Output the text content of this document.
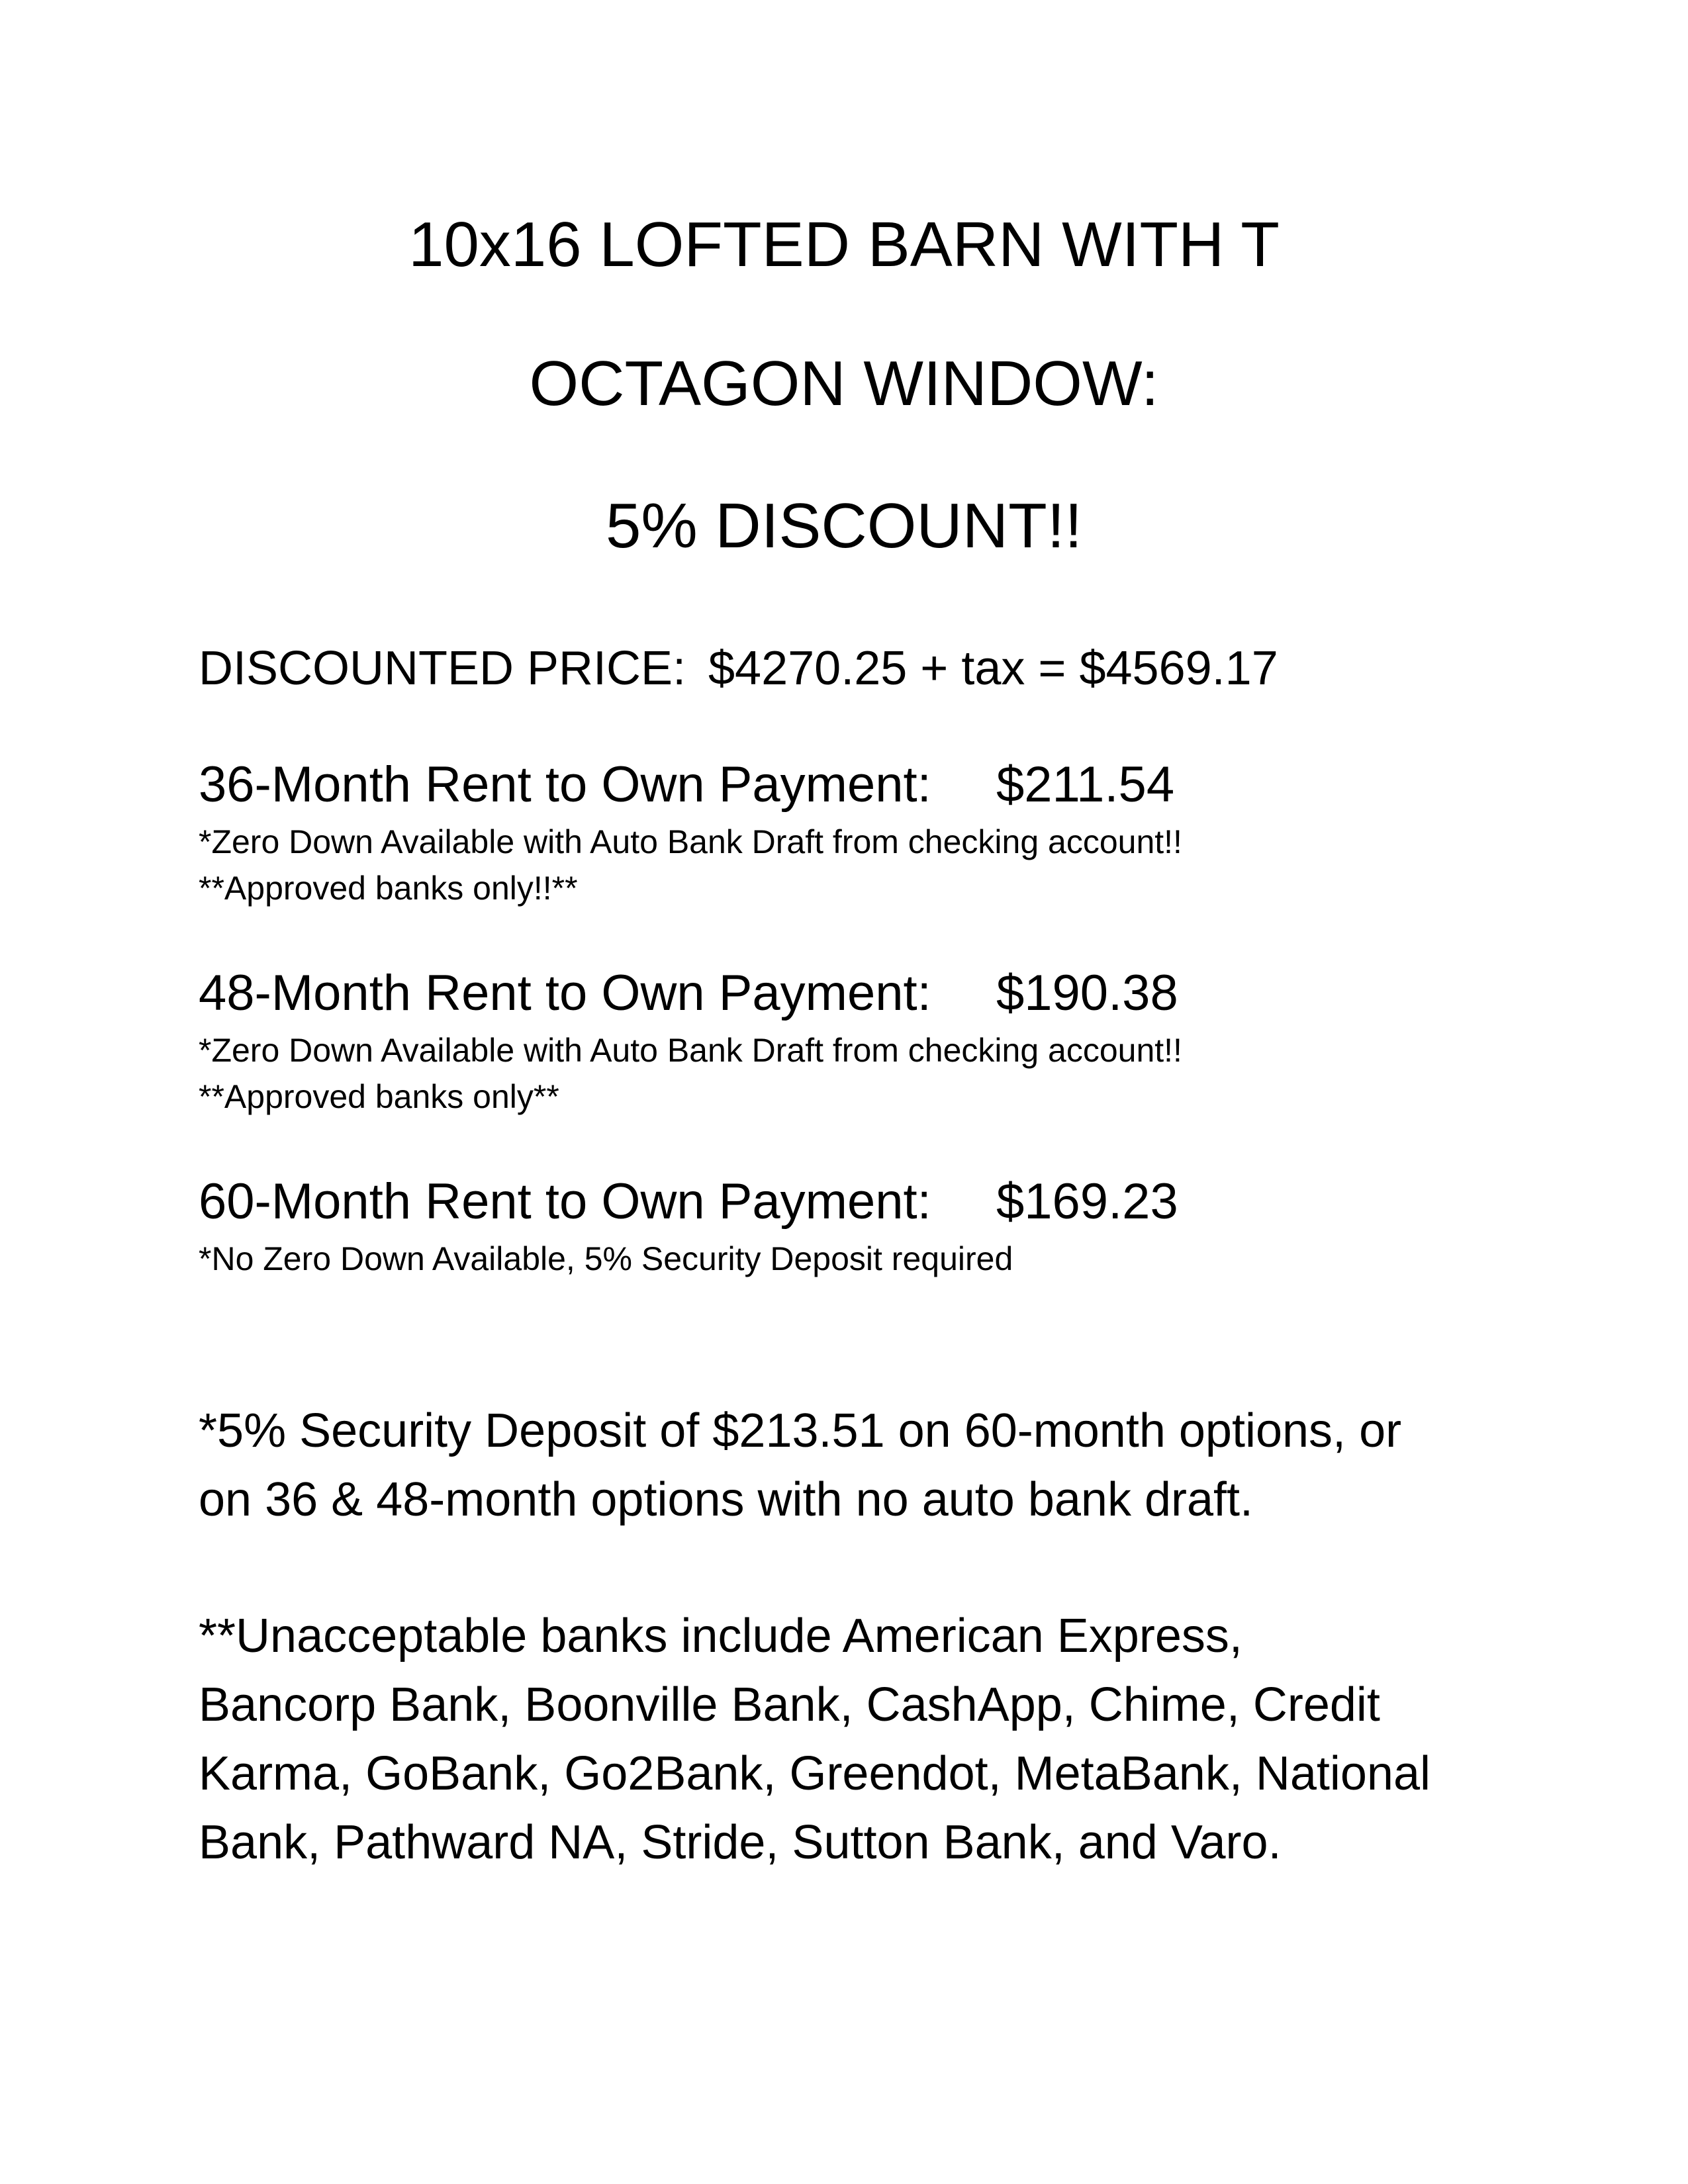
10x16 LOFTED BARN WITH T
OCTAGON WINDOW:
5% DISCOUNT!!
DISCOUNTED PRICE: $4270.25 + tax = $4569.17
36-Month Rent to Own Payment: $211.54
*Zero Down Available with Auto Bank Draft from checking account!!
**Approved banks only!!**
48-Month Rent to Own Payment: $190.38
*Zero Down Available with Auto Bank Draft from checking account!!
**Approved banks only**
60-Month Rent to Own Payment: $169.23
*No Zero Down Available, 5% Security Deposit required
*5% Security Deposit of $213.51 on 60-month options, or
on 36 & 48-month options with no auto bank draft.
**Unacceptable banks include American Express,
Bancorp Bank, Boonville Bank, CashApp, Chime, Credit
Karma, GoBank, Go2Bank, Greendot, MetaBank, National
Bank, Pathward NA, Stride, Sutton Bank, and Varo.
